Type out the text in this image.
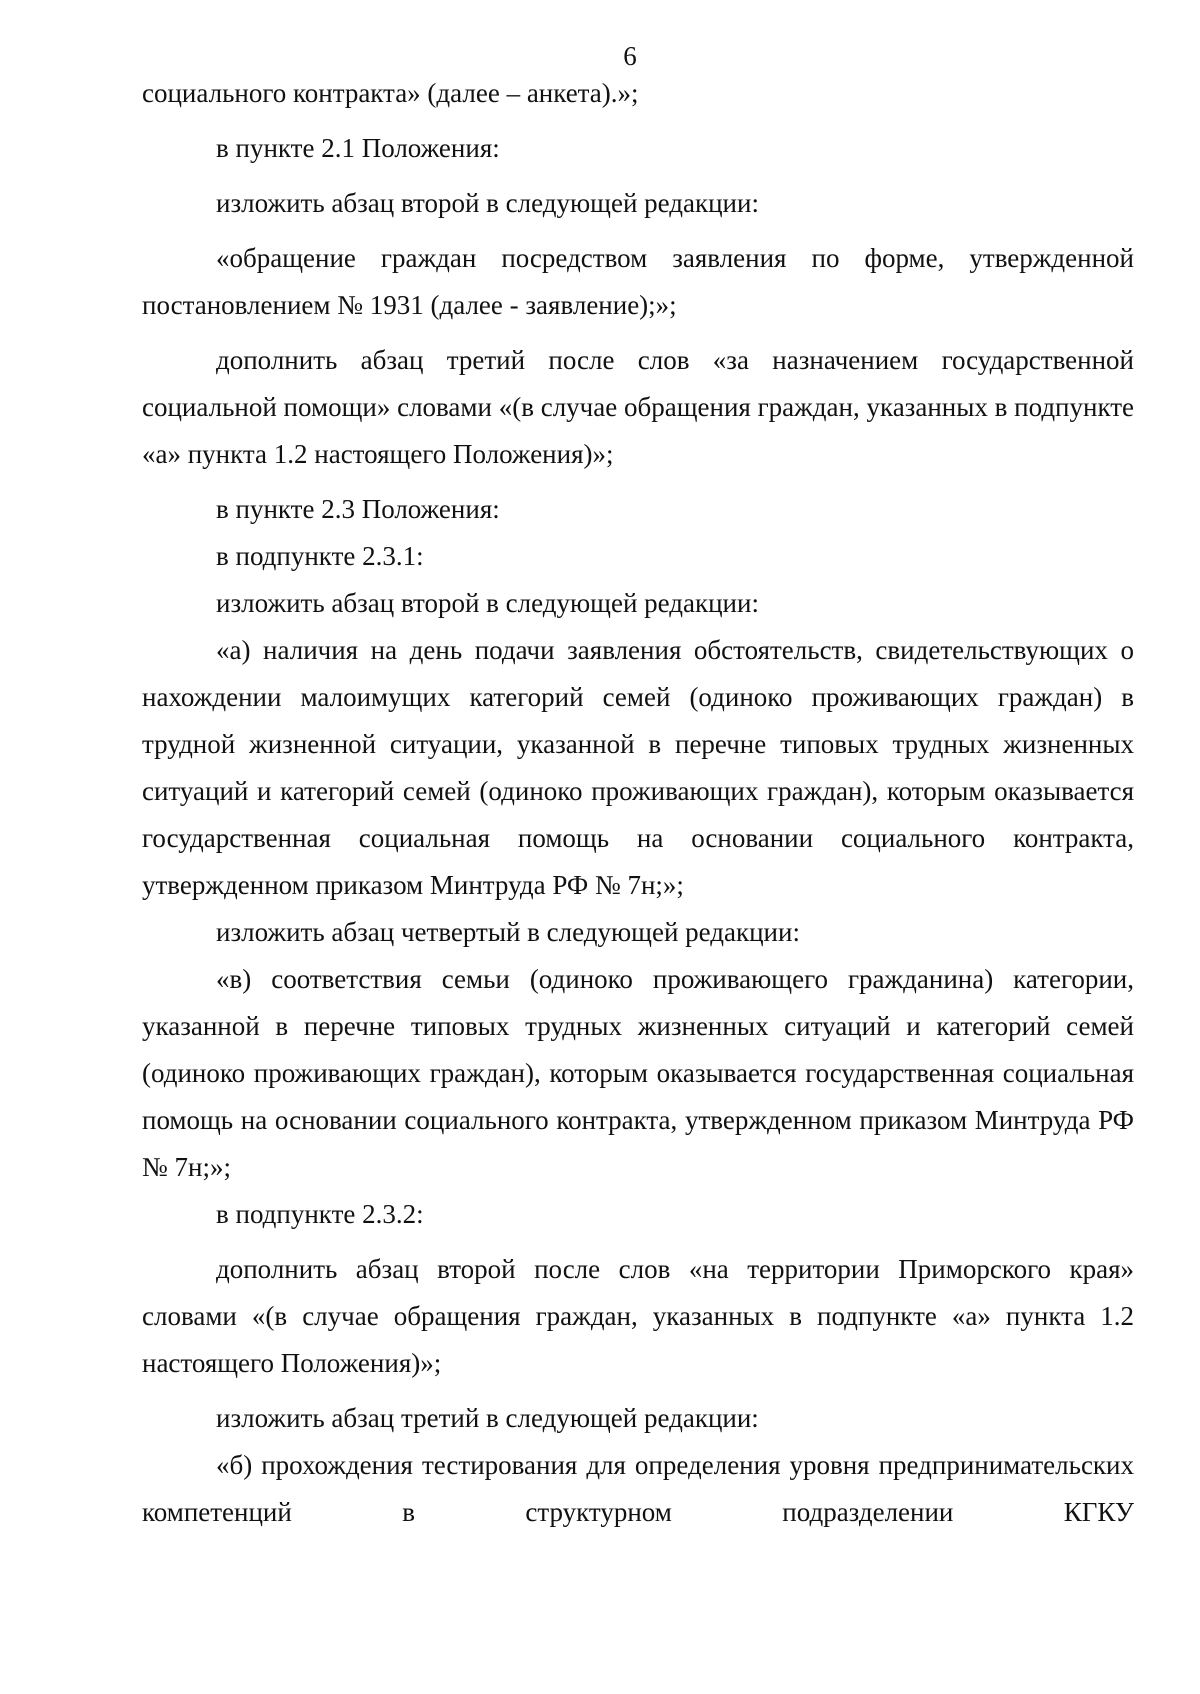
6

социального контракта» (далее – анкета).»;

в пункте 2.1 Положения:

изложить абзац второй в следующей редакции:

«обращение граждан посредством заявления по форме, утвержденной постановлением № 1931 (далее - заявление);»;

дополнить абзац третий после слов «за назначением государственной социальной помощи» словами «(в случае обращения граждан, указанных в подпункте «а» пункта 1.2 настоящего Положения)»;

в пункте 2.3 Положения:

в подпункте 2.3.1:

изложить абзац второй в следующей редакции:

«а) наличия на день подачи заявления обстоятельств, свидетельствующих о нахождении малоимущих категорий семей (одиноко проживающих граждан) в трудной жизненной ситуации, указанной в перечне типовых трудных жизненных ситуаций и категорий семей (одиноко проживающих граждан), которым оказывается государственная социальная помощь на основании социального контракта, утвержденном приказом Минтруда РФ № 7н;»;

изложить абзац четвертый в следующей редакции:

«в) соответствия семьи (одиноко проживающего гражданина) категории, указанной в перечне типовых трудных жизненных ситуаций и категорий семей (одиноко проживающих граждан), которым оказывается государственная социальная помощь на основании социального контракта, утвержденном приказом Минтруда РФ № 7н;»;

в подпункте 2.3.2:

дополнить абзац второй после слов «на территории Приморского края» словами «(в случае обращения граждан, указанных в подпункте «а» пункта 1.2 настоящего Положения)»;

изложить абзац третий в следующей редакции:

«б) прохождения тестирования для определения уровня предпринимательских компетенций в структурном подразделении КГКУ
